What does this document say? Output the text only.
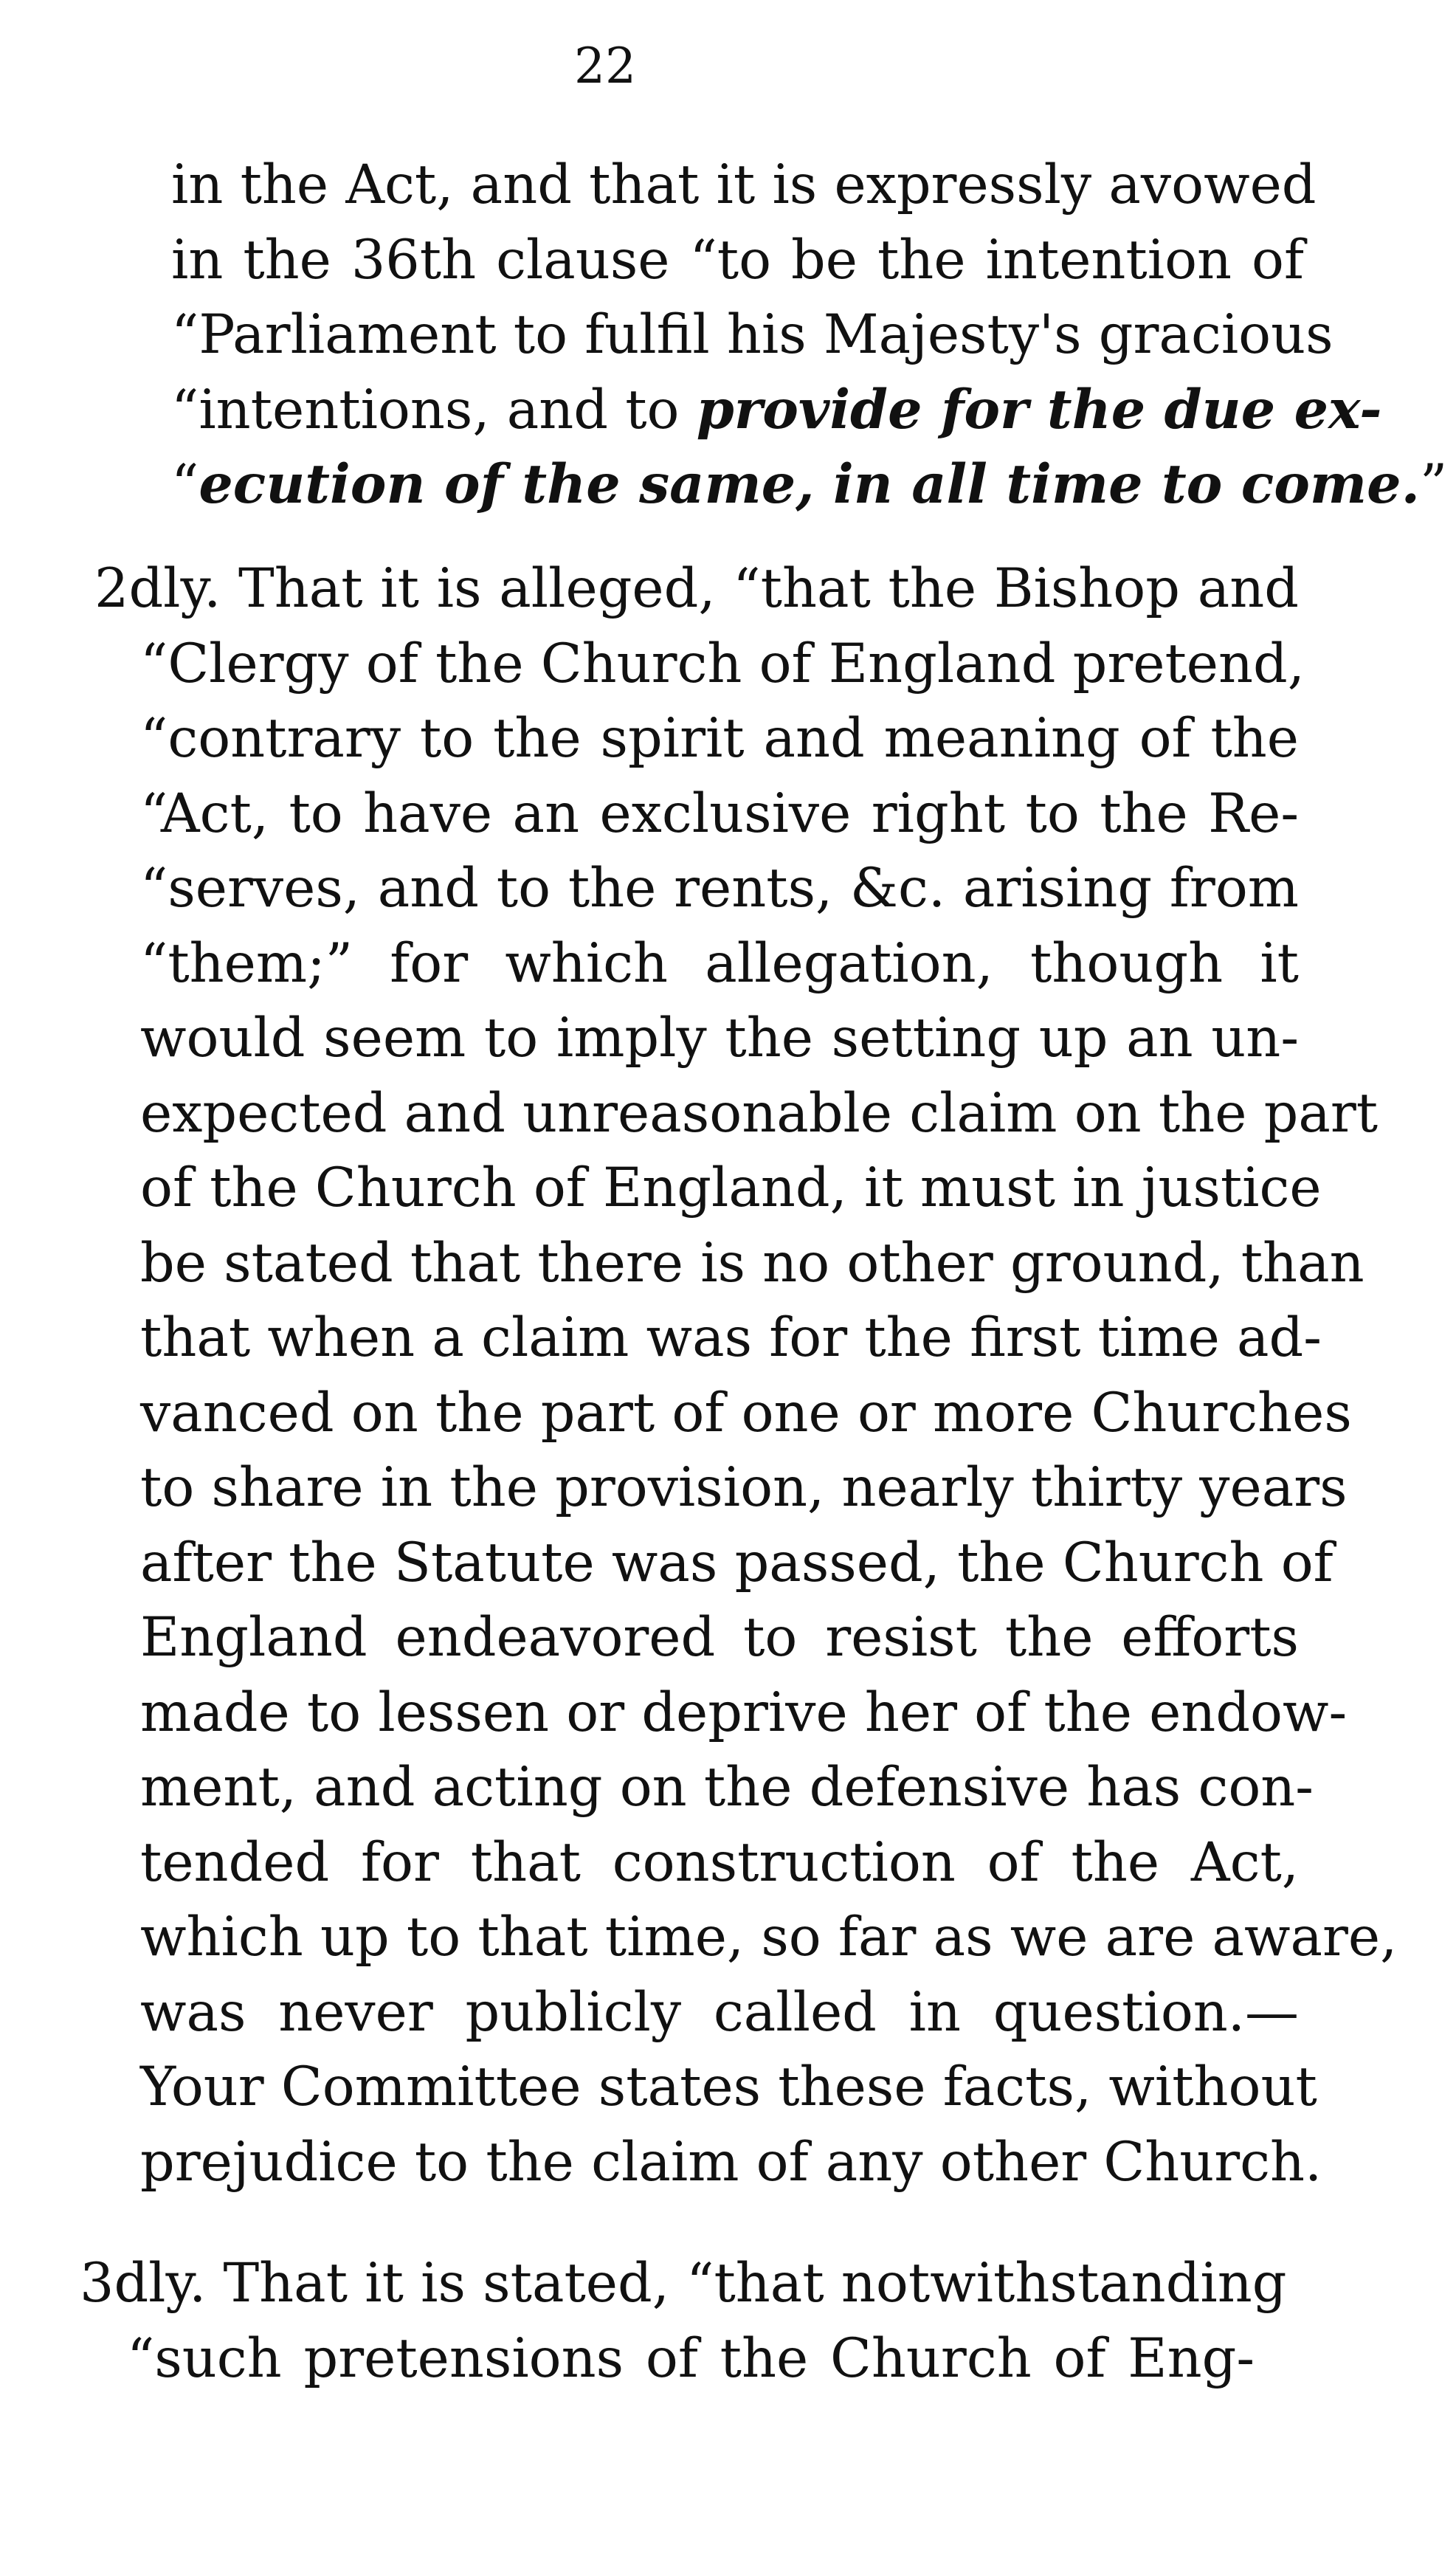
22
in the Act, and that it is expressly avowed
in the 36th clause “to be the intention of
“Parliament to fulfil his Majesty's gracious
“intentions, and to provide for the due ex-
“ecution of the same, in all time to come.”
2dly. That it is alleged, “that the Bishop and
“Clergy of the Church of England pretend,
“contrary to the spirit and meaning of the
“Act, to have an exclusive right to the Re-
“serves, and to the rents, &c. arising from
“them;” for which allegation, though it
would seem to imply the setting up an un-
expected and unreasonable claim on the part
of the Church of England, it must in justice
be stated that there is no other ground, than
that when a claim was for the first time ad-
vanced on the part of one or more Churches
to share in the provision, nearly thirty years
after the Statute was passed, the Church of
England endeavored to resist the efforts
made to lessen or deprive her of the endow-
ment, and acting on the defensive has con-
tended for that construction of the Act,
which up to that time, so far as we are aware,
was never publicly called in question.—
Your Committee states these facts, without
prejudice to the claim of any other Church.
3dly. That it is stated, “that notwithstanding
“such pretensions of the Church of Eng-
